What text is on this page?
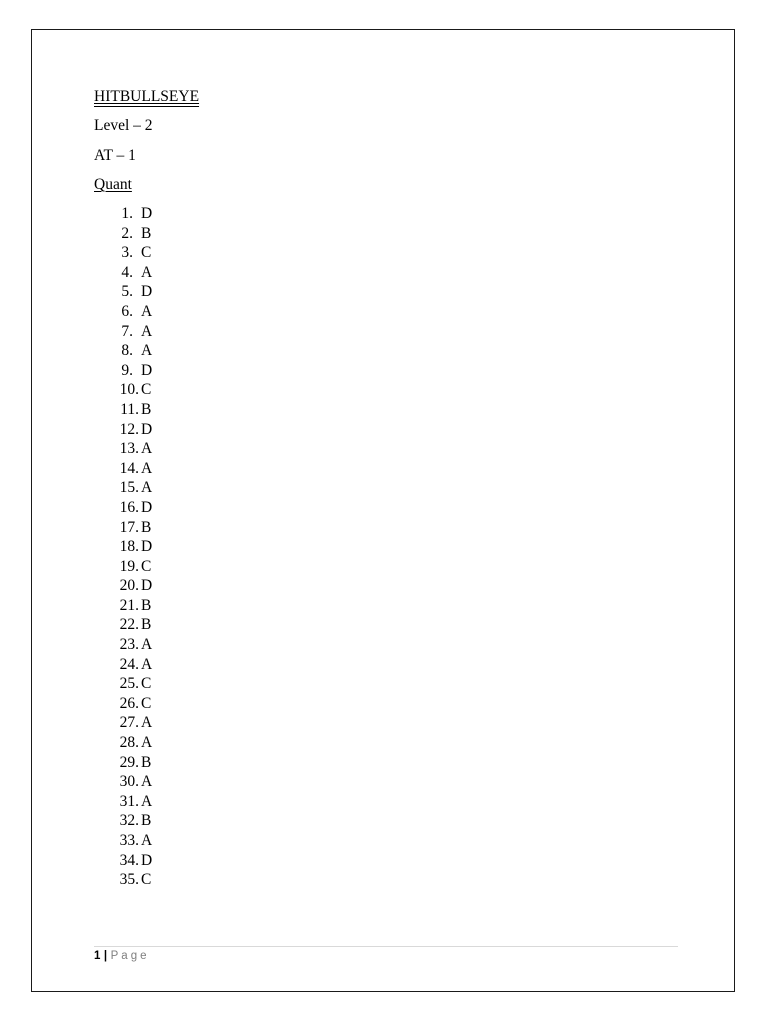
HITBULLSEYE
Level – 2
AT – 1
Quant
1. D
2. B
3. C
4. A
5. D
6. A
7. A
8. A
9. D
10. C
11. B
12. D
13. A
14. A
15. A
16. D
17. B
18. D
19. C
20. D
21. B
22. B
23. A
24. A
25. C
26. C
27. A
28. A
29. B
30. A
31. A
32. B
33. A
34. D
35. C
1 | Page
